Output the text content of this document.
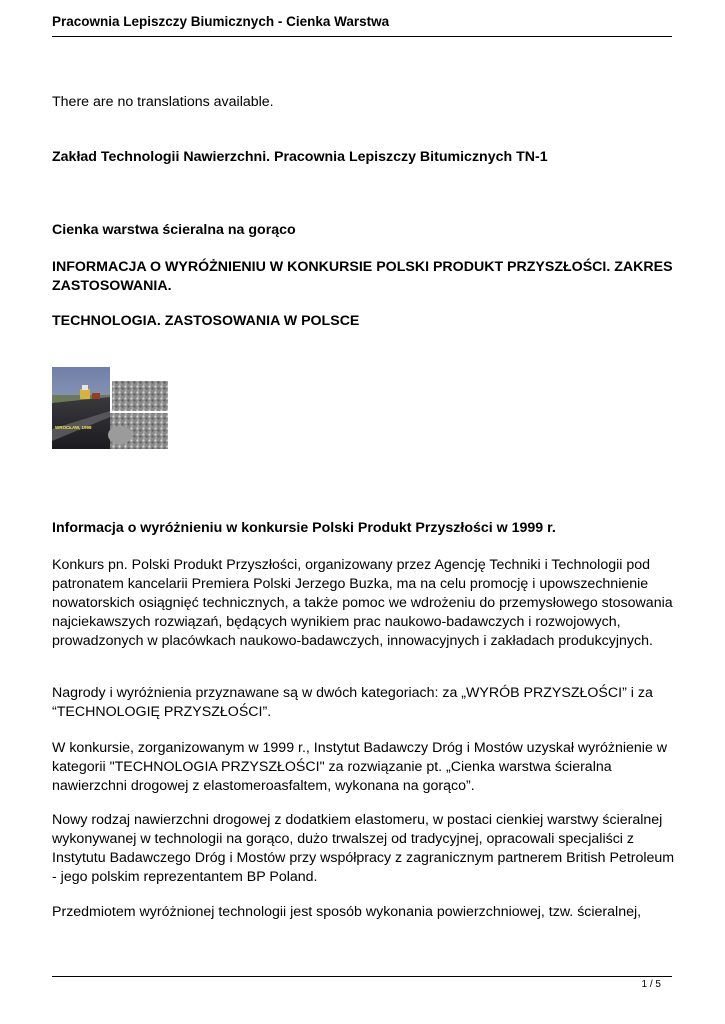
Pracownia Lepiszczy Biumicznych - Cienka Warstwa

There are no translations available.

Zakład Technologii Nawierzchni. Pracownia Lepiszczy Bitumicznych TN-1

Cienka warstwa ścieralna na gorąco

INFORMACJA O WYRÓŻNIENIU W KONKURSIE POLSKI PRODUKT PRZYSZŁOŚCI. ZAKRES ZASTOSOWANIA.

TECHNOLOGIA. ZASTOSOWANIA W POLSCE

WROCŁAW, 1998

Informacja o wyróżnieniu w konkursie Polski Produkt Przyszłości w 1999 r.

Konkurs pn. Polski Produkt Przyszłości, organizowany przez Agencję Techniki i Technologii pod patronatem kancelarii Premiera Polski Jerzego Buzka, ma na celu promocję i upowszechnienie nowatorskich osiągnięć technicznych, a także pomoc we wdrożeniu do przemysłowego stosowania najciekawszych rozwiązań, będących wynikiem prac naukowo-badawczych i rozwojowych, prowadzonych w placówkach naukowo-badawczych, innowacyjnych i zakładach produkcyjnych.

Nagrody i wyróżnienia przyznawane są w dwóch kategoriach: za „WYRÓB PRZYSZŁOŚCI” i za “TECHNOLOGIĘ PRZYSZŁOŚCI”.

W konkursie, zorganizowanym w 1999 r., Instytut Badawczy Dróg i Mostów uzyskał wyróżnienie w kategorii "TECHNOLOGIA PRZYSZŁOŚCI" za rozwiązanie pt. „Cienka warstwa ścieralna nawierzchni drogowej z elastomeroasfaltem, wykonana na gorąco”.

Nowy rodzaj nawierzchni drogowej z dodatkiem elastomeru, w postaci cienkiej warstwy ścieralnej wykonywanej w technologii na gorąco, dużo trwalszej od tradycyjnej, opracowali specjaliści z Instytutu Badawczego Dróg i Mostów przy współpracy z zagranicznym partnerem British Petroleum - jego polskim reprezentantem BP Poland.

Przedmiotem wyróżnionej technologii jest sposób wykonania powierzchniowej, tzw. ścieralnej,

1 / 5
